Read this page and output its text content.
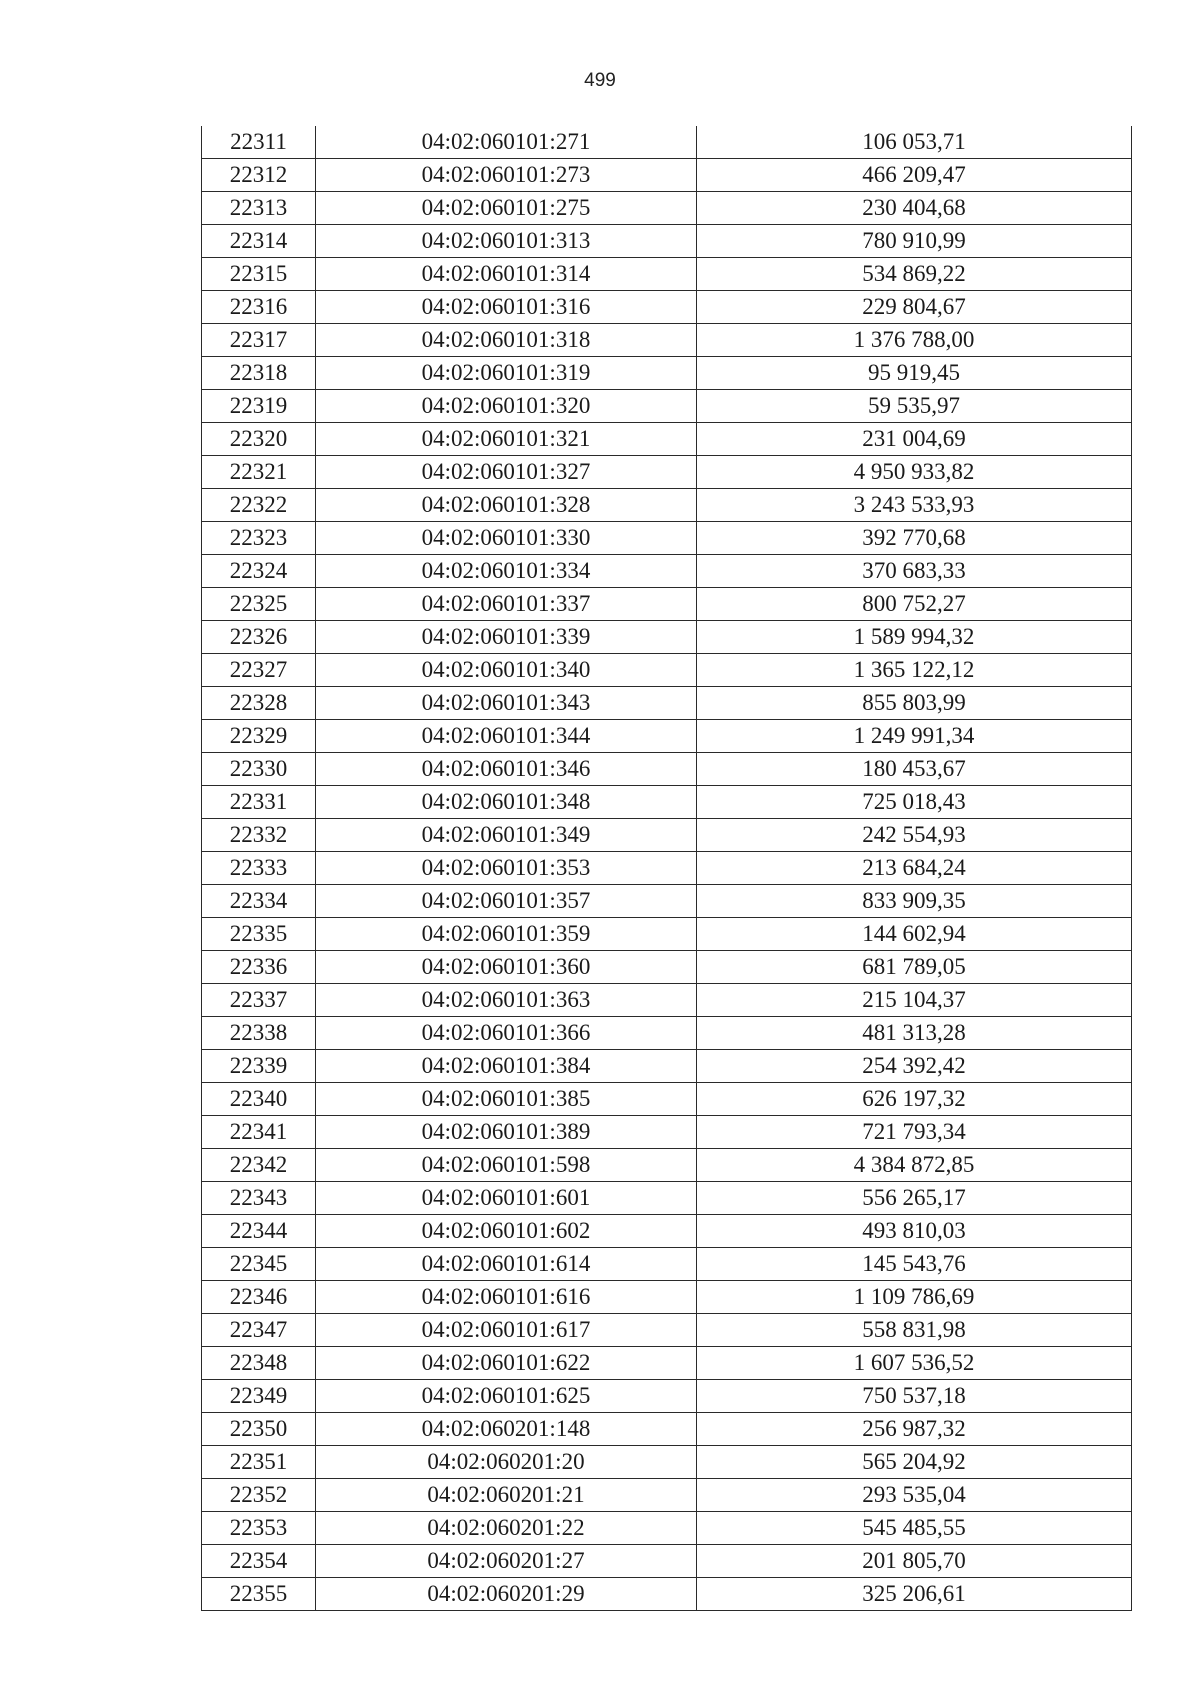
499
22311	04:02:060101:271	106 053,71
22312	04:02:060101:273	466 209,47
22313	04:02:060101:275	230 404,68
22314	04:02:060101:313	780 910,99
22315	04:02:060101:314	534 869,22
22316	04:02:060101:316	229 804,67
22317	04:02:060101:318	1 376 788,00
22318	04:02:060101:319	95 919,45
22319	04:02:060101:320	59 535,97
22320	04:02:060101:321	231 004,69
22321	04:02:060101:327	4 950 933,82
22322	04:02:060101:328	3 243 533,93
22323	04:02:060101:330	392 770,68
22324	04:02:060101:334	370 683,33
22325	04:02:060101:337	800 752,27
22326	04:02:060101:339	1 589 994,32
22327	04:02:060101:340	1 365 122,12
22328	04:02:060101:343	855 803,99
22329	04:02:060101:344	1 249 991,34
22330	04:02:060101:346	180 453,67
22331	04:02:060101:348	725 018,43
22332	04:02:060101:349	242 554,93
22333	04:02:060101:353	213 684,24
22334	04:02:060101:357	833 909,35
22335	04:02:060101:359	144 602,94
22336	04:02:060101:360	681 789,05
22337	04:02:060101:363	215 104,37
22338	04:02:060101:366	481 313,28
22339	04:02:060101:384	254 392,42
22340	04:02:060101:385	626 197,32
22341	04:02:060101:389	721 793,34
22342	04:02:060101:598	4 384 872,85
22343	04:02:060101:601	556 265,17
22344	04:02:060101:602	493 810,03
22345	04:02:060101:614	145 543,76
22346	04:02:060101:616	1 109 786,69
22347	04:02:060101:617	558 831,98
22348	04:02:060101:622	1 607 536,52
22349	04:02:060101:625	750 537,18
22350	04:02:060201:148	256 987,32
22351	04:02:060201:20	565 204,92
22352	04:02:060201:21	293 535,04
22353	04:02:060201:22	545 485,55
22354	04:02:060201:27	201 805,70
22355	04:02:060201:29	325 206,61
